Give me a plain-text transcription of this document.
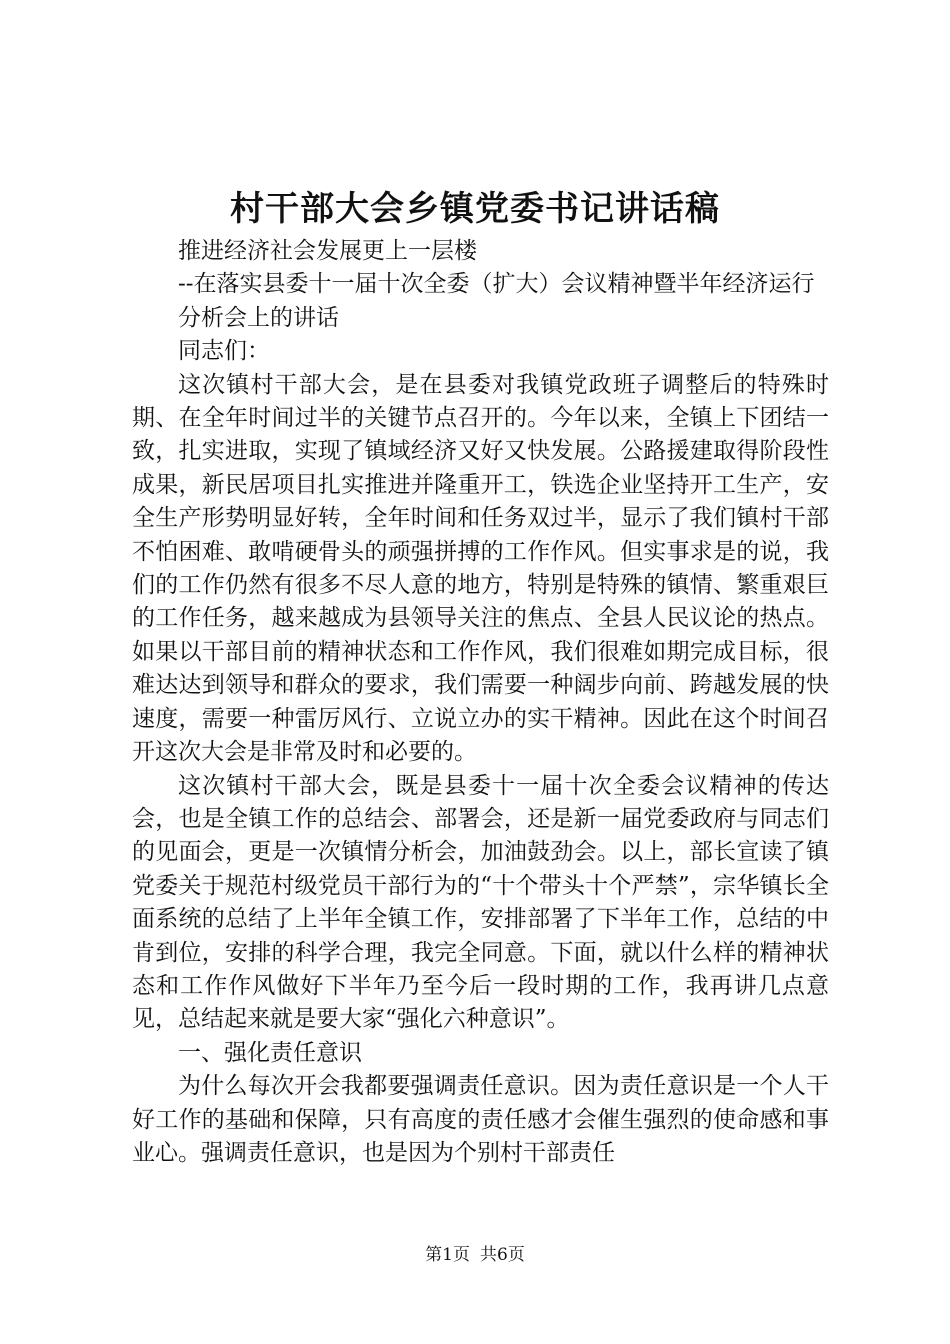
村干部大会乡镇党委书记讲话稿

推进经济社会发展更上一层楼

--在落实县委十一届十次全委（扩大）会议精神暨半年经济运行

分析会上的讲话

同志们：

这次镇村干部大会，是在县委对我镇党政班子调整后的特殊时期、在全年时间过半的关键节点召开的。今年以来，全镇上下团结一致，扎实进取，实现了镇域经济又好又快发展。公路援建取得阶段性成果，新民居项目扎实推进并隆重开工，铁选企业坚持开工生产，安全生产形势明显好转，全年时间和任务双过半，显示了我们镇村干部不怕困难、敢啃硬骨头的顽强拼搏的工作作风。但实事求是的说，我们的工作仍然有很多不尽人意的地方，特别是特殊的镇情、繁重艰巨的工作任务，越来越成为县领导关注的焦点、全县人民议论的热点。如果以干部目前的精神状态和工作作风，我们很难如期完成目标，很难达达到领导和群众的要求，我们需要一种阔步向前、跨越发展的快速度，需要一种雷厉风行、立说立办的实干精神。因此在这个时间召开这次大会是非常及时和必要的。

这次镇村干部大会，既是县委十一届十次全委会议精神的传达会，也是全镇工作的总结会、部署会，还是新一届党委政府与同志们的见面会，更是一次镇情分析会，加油鼓劲会。以上，部长宣读了镇党委关于规范村级党员干部行为的“十个带头十个严禁”，宗华镇长全面系统的总结了上半年全镇工作，安排部署了下半年工作，总结的中肯到位，安排的科学合理，我完全同意。下面，就以什么样的精神状态和工作作风做好下半年乃至今后一段时期的工作，我再讲几点意见，总结起来就是要大家“强化六种意识”。

一、强化责任意识

为什么每次开会我都要强调责任意识。因为责任意识是一个人干好工作的基础和保障，只有高度的责任感才会催生强烈的使命感和事业心。强调责任意识，也是因为个别村干部责任

第1页 共6页
